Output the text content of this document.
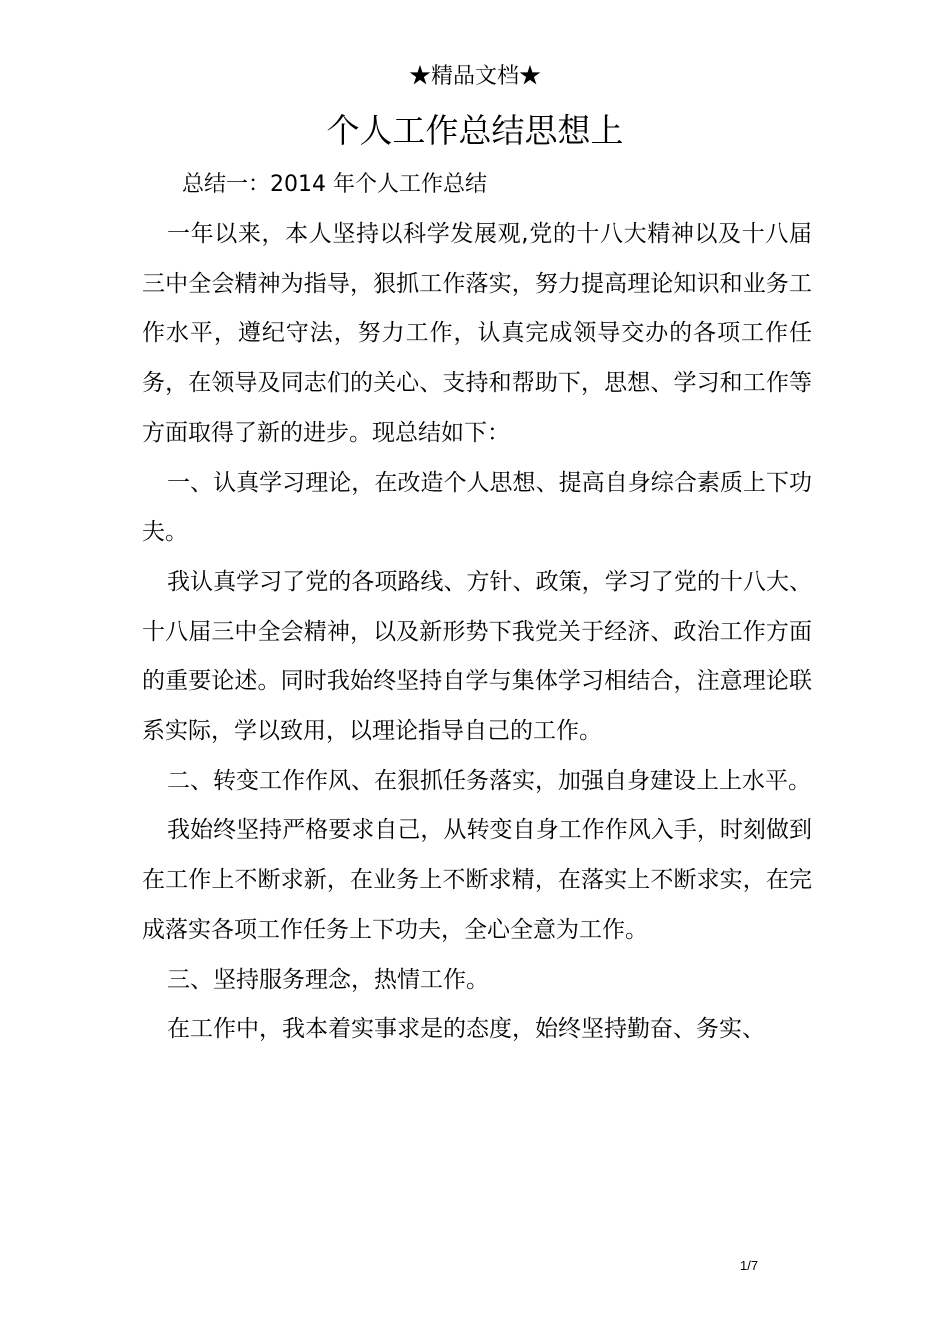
★精品文档★
个人工作总结思想上
总结一：2014 年个人工作总结

一年以来，本人坚持以科学发展观,党的十八大精神以及十八届三中全会精神为指导，狠抓工作落实，努力提高理论知识和业务工作水平，遵纪守法，努力工作，认真完成领导交办的各项工作任务，在领导及同志们的关心、支持和帮助下，思想、学习和工作等方面取得了新的进步。现总结如下：

一、认真学习理论，在改造个人思想、提高自身综合素质上下功夫。

我认真学习了党的各项路线、方针、政策，学习了党的十八大、十八届三中全会精神，以及新形势下我党关于经济、政治工作方面的重要论述。同时我始终坚持自学与集体学习相结合，注意理论联系实际，学以致用，以理论指导自己的工作。

二、转变工作作风、在狠抓任务落实，加强自身建设上上水平。

我始终坚持严格要求自己，从转变自身工作作风入手，时刻做到在工作上不断求新，在业务上不断求精，在落实上不断求实，在完成落实各项工作任务上下功夫，全心全意为工作。

三、坚持服务理念，热情工作。

在工作中，我本着实事求是的态度，始终坚持勤奋、务实、

1/7
